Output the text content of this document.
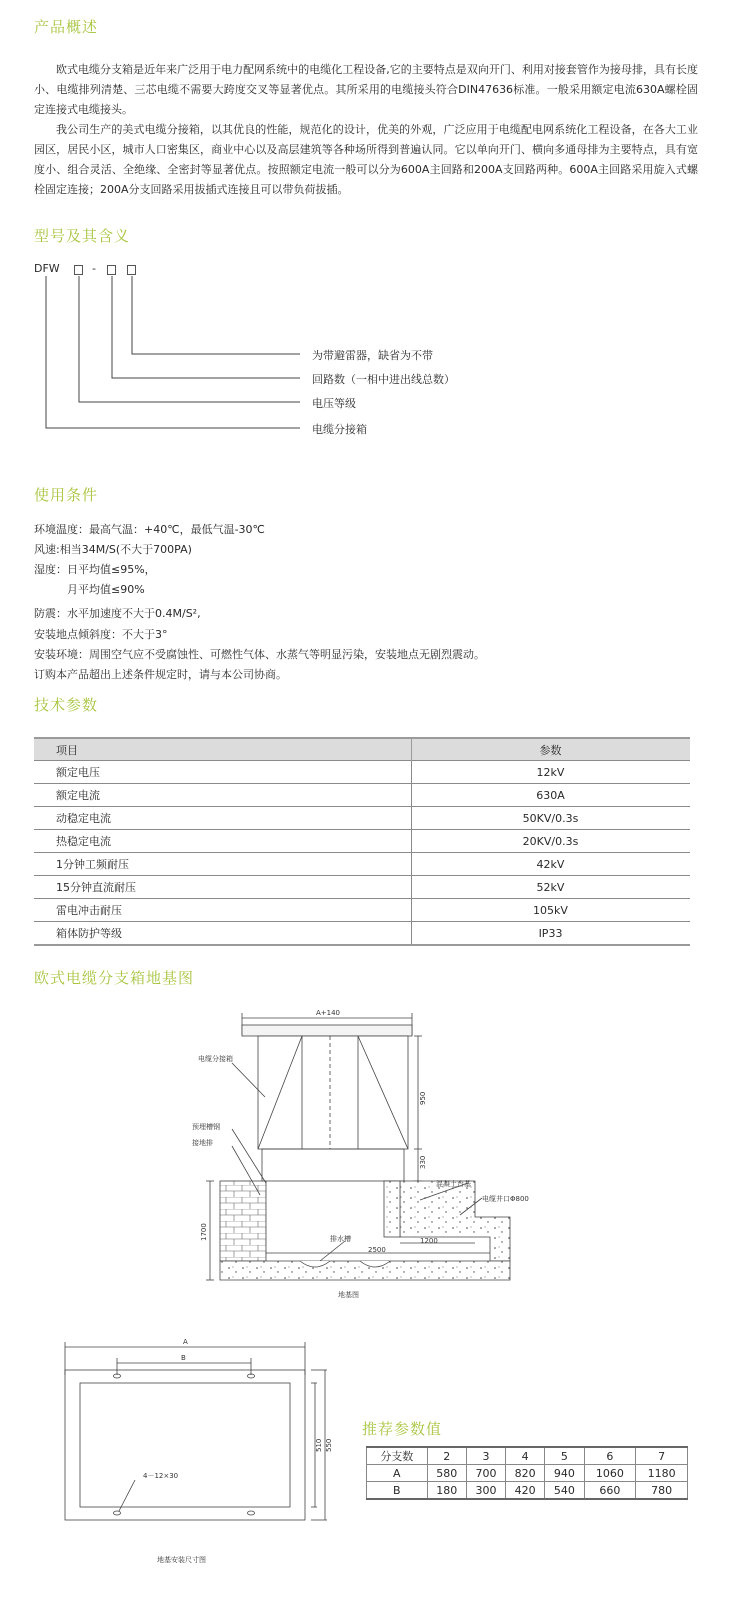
产品概述

欧式电缆分支箱是近年来广泛用于电力配网系统中的电缆化工程设备,它的主要特点是双向开门、利用对接套管作为接母排，具有长度小、电缆排列清楚、三芯电缆不需要大跨度交叉等显著优点。其所采用的电缆接头符合DIN47636标准。一般采用额定电流630A螺栓固定连接式电缆接头。

我公司生产的美式电缆分接箱，以其优良的性能，规范化的设计，优美的外观，广泛应用于电缆配电网系统化工程设备，在各大工业园区，居民小区，城市人口密集区，商业中心以及高层建筑等各种场所得到普遍认同。它以单向开门、横向多通母排为主要特点，具有宽度小、组合灵活、全绝缘、全密封等显著优点。按照额定电流一般可以分为600A主回路和200A支回路两种。600A主回路采用旋入式螺栓固定连接；200A分支回路采用拔插式连接且可以带负荷拔插。

型号及其含义
DFW	-
为带避雷器，缺省为不带
回路数（一相中进出线总数）
电压等级
电缆分接箱
使用条件

环境温度：最高气温：+40℃，最低气温-30℃

风速:相当34M/S(不大于700PA)

湿度：日平均值≤95%，

　　　月平均值≤90%

防震：水平加速度不大于0.4M/S²,

安装地点倾斜度：不大于3°

安装环境：周围空气应不受腐蚀性、可燃性气体、水蒸气等明显污染，安装地点无剧烈震动。

订购本产品超出上述条件规定时，请与本公司协商。

技术参数
项目	参数
额定电压	12kV
额定电流	630A
动稳定电流	50KV/0.3s
热稳定电流	20KV/0.3s
1分钟工频耐压	42kV
15分钟直流耐压	52kV
雷电冲击耐压	105kV
箱体防护等级	IP33
欧式电缆分支箱地基图
A+140
950
330
1700	1200
2500
电缆分接箱
预埋槽钢
接地排
混凝土台基
电缆井口Φ800
排水槽
地基图
A
B
510 550
4－12×30
地基安装尺寸图
推荐参数值
分支数	2	3	4	5	6	7
A	580	700	820	940	1060	1180
B	180	300	420	540	660	780
